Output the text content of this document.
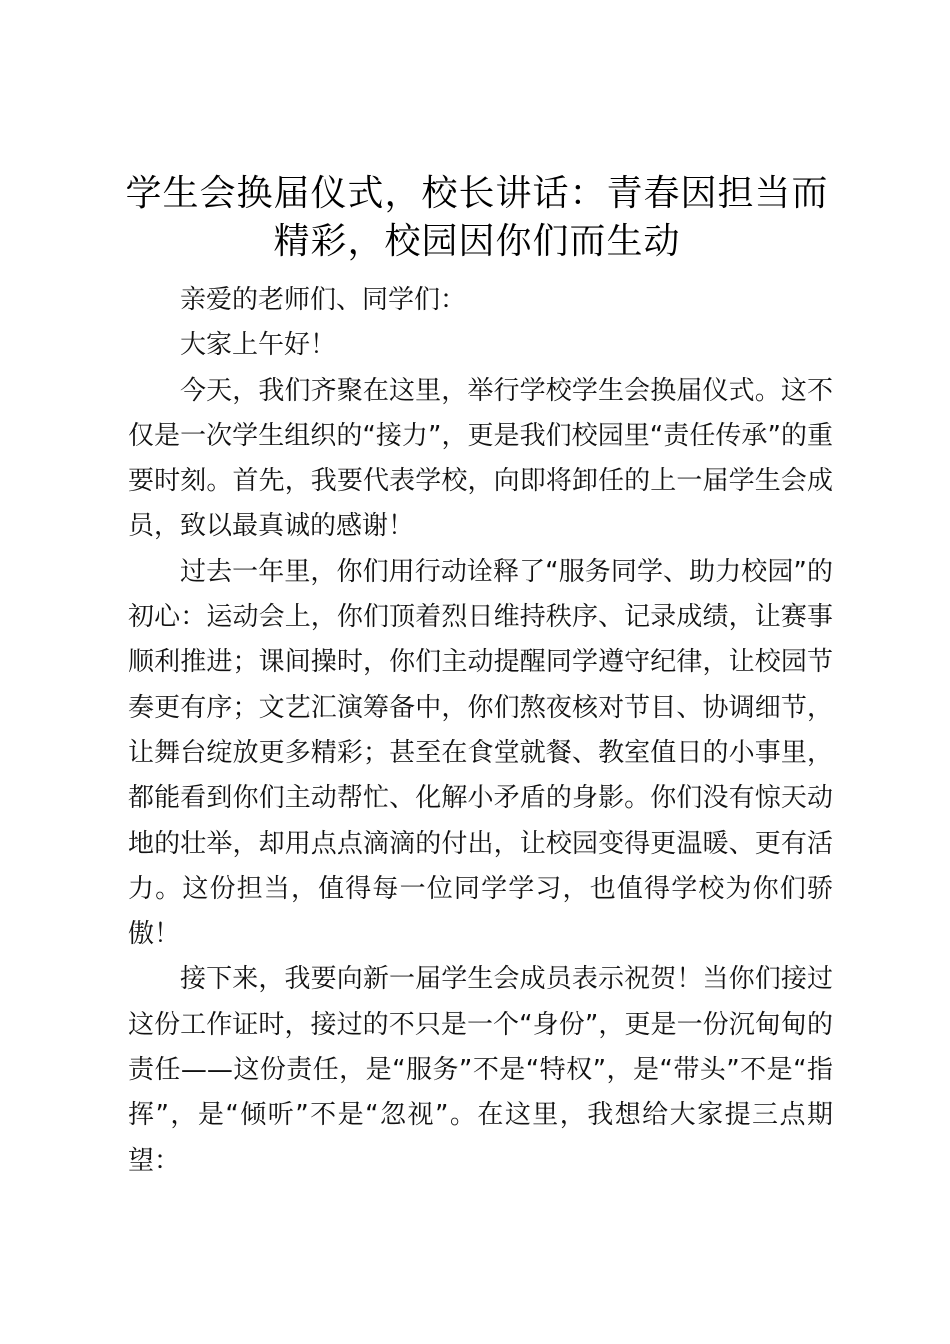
学生会换届仪式，校长讲话：青春因担当而精彩，校园因你们而生动

亲爱的老师们、同学们：

大家上午好！

今天，我们齐聚在这里，举行学校学生会换届仪式。这不仅是一次学生组织的“接力”，更是我们校园里“责任传承”的重要时刻。首先，我要代表学校，向即将卸任的上一届学生会成员，致以最真诚的感谢！

过去一年里，你们用行动诠释了“服务同学、助力校园”的初心：运动会上，你们顶着烈日维持秩序、记录成绩，让赛事顺利推进；课间操时，你们主动提醒同学遵守纪律，让校园节奏更有序；文艺汇演筹备中，你们熬夜核对节目、协调细节，让舞台绽放更多精彩；甚至在食堂就餐、教室值日的小事里，都能看到你们主动帮忙、化解小矛盾的身影。你们没有惊天动地的壮举，却用点点滴滴的付出，让校园变得更温暖、更有活力。这份担当，值得每一位同学学习，也值得学校为你们骄傲！

接下来，我要向新一届学生会成员表示祝贺！当你们接过这份工作证时，接过的不只是一个“身份”，更是一份沉甸甸的责任——这份责任，是“服务”不是“特权”，是“带头”不是“指挥”，是“倾听”不是“忽视”。在这里，我想给大家提三点期望：
